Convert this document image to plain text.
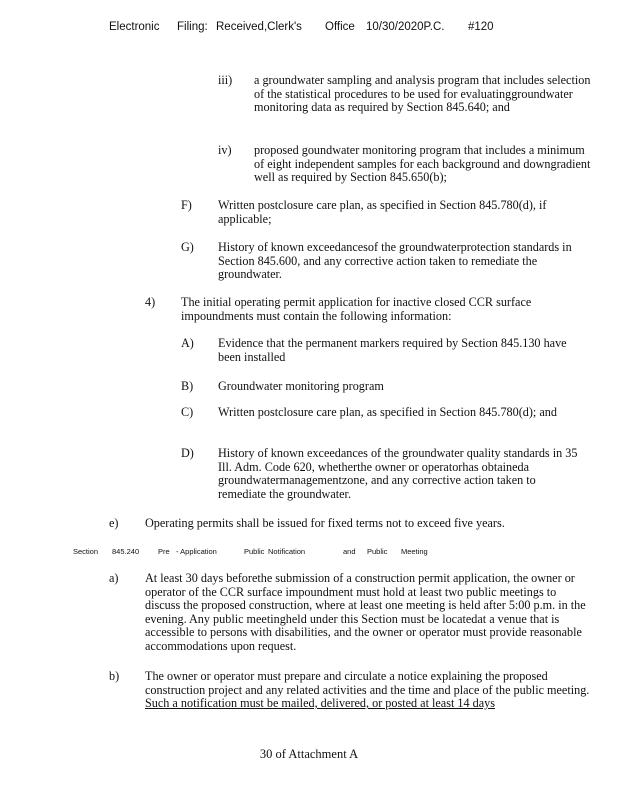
Electronic Filing: Received,Clerk's Office 10/30/2020P.C. #120
iii) a groundwater sampling and analysis program that includes selection of the statistical procedures to be used for evaluatinggroundwater monitoring data as required by Section 845.640; and
iv) proposed goundwater monitoring program that includes a minimum of eight independent samples for each background and downgradient well as required by Section 845.650(b);
F) Written postclosure care plan, as specified in Section 845.780(d), if applicable;
G) History of known exceedancesof the groundwaterprotection standards in Section 845.600, and any corrective action taken to remediate the groundwater.
4) The initial operating permit application for inactive closed CCR surface impoundments must contain the following information:
A) Evidence that the permanent markers required by Section 845.130 have been installed
B) Groundwater monitoring program
C) Written postclosure care plan, as specified in Section 845.780(d); and
D) History of known exceedances of the groundwater quality standards in 35 Ill. Adm. Code 620, whetherthe owner or operatorhas obtaineda groundwatermanagementzone, and any corrective action taken to remediate the groundwater.
e) Operating permits shall be issued for fixed terms not to exceed five years.
Section 845.240	Pre - Application	Public Notification	and Public Meeting
a) At least 30 days beforethe submission of a construction permit application, the owner or operator of the CCR surface impoundment must hold at least two public meetings to discuss the proposed construction, where at least one meeting is held after 5:00 p.m. in the evening. Any public meetingheld under this Section must be locatedat a venue that is accessible to persons with disabilities, and the owner or operator must provide reasonable accommodations upon request.
b) The owner or operator must prepare and circulate a notice explaining the proposed construction project and any related activities and the time and place of the public meeting. Such a notification must be mailed, delivered, or posted at least 14 days
30 of Attachment A
